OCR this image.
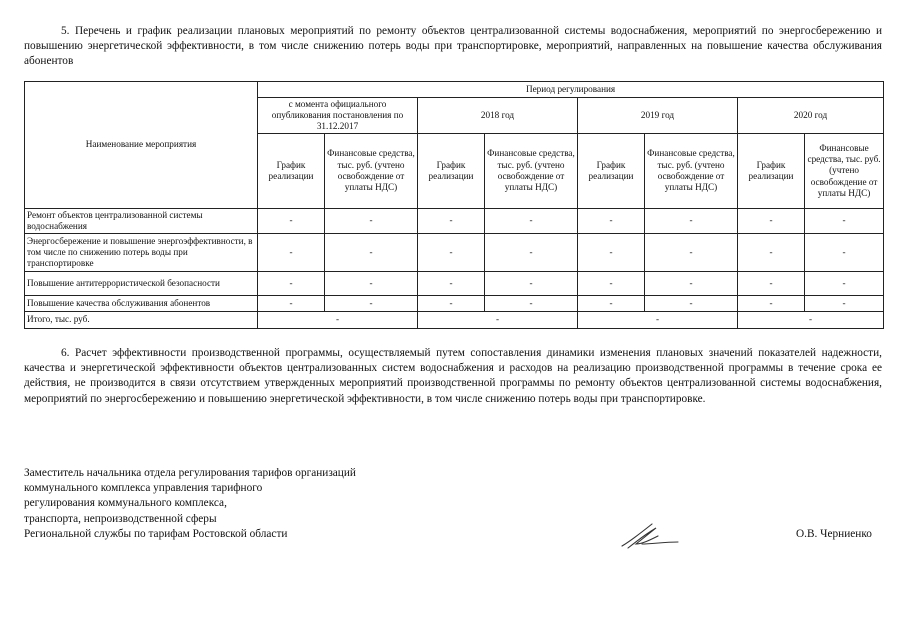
5. Перечень и график реализации плановых мероприятий по ремонту объектов централизованной системы водоснабжения, мероприятий по энергосбережению и повышению энергетической эффективности, в том числе снижению потерь воды при транспортировке, мероприятий, направленных на повышение качества обслуживания абонентов
Наименование мероприятия	Период регулирования							
	с момента официального опубликования постановления по 31.12.2017		2018 год		2019 год		2020 год	
	График реализации	Финансовые средства, тыс. руб. (учтено освобождение от уплаты НДС)	График реализации	Финансовые средства, тыс. руб. (учтено освобождение от уплаты НДС)	График реализации	Финансовые средства, тыс. руб. (учтено освобождение от уплаты НДС)	График реализации	Финансовые средства, тыс. руб. (учтено освобождение от уплаты НДС)
Ремонт объектов централизованной системы водоснабжения	-	-	-	-	-	-	-	-
Энергосбережение и повышение энергоэффективности, в том числе по снижению потерь воды при транспортировке	-	-	-	-	-	-	-	-
Повышение антитеррористической безопасности	-	-	-	-	-	-	-	-
Повышение качества обслуживания абонентов	-	-	-	-	-	-	-	-
Итого, тыс. руб.	-		-		-		-	
6. Расчет эффективности производственной программы, осуществляемый путем сопоставления динамики изменения плановых значений показателей надежности, качества и энергетической эффективности объектов централизованных систем водоснабжения и расходов на реализацию производственной программы в течение срока ее действия, не производится в связи отсутствием утвержденных мероприятий производственной программы по ремонту объектов централизованной системы водоснабжения, мероприятий по энергосбережению и повышению энергетической эффективности, в том числе снижению потерь воды при транспортировке.
Заместитель начальника отдела регулирования тарифов организаций
коммунального комплекса управления тарифного
регулирования коммунального комплекса,
транспорта, непроизводственной сферы
Региональной службы по тарифам Ростовской области	О.В. Черниенко
